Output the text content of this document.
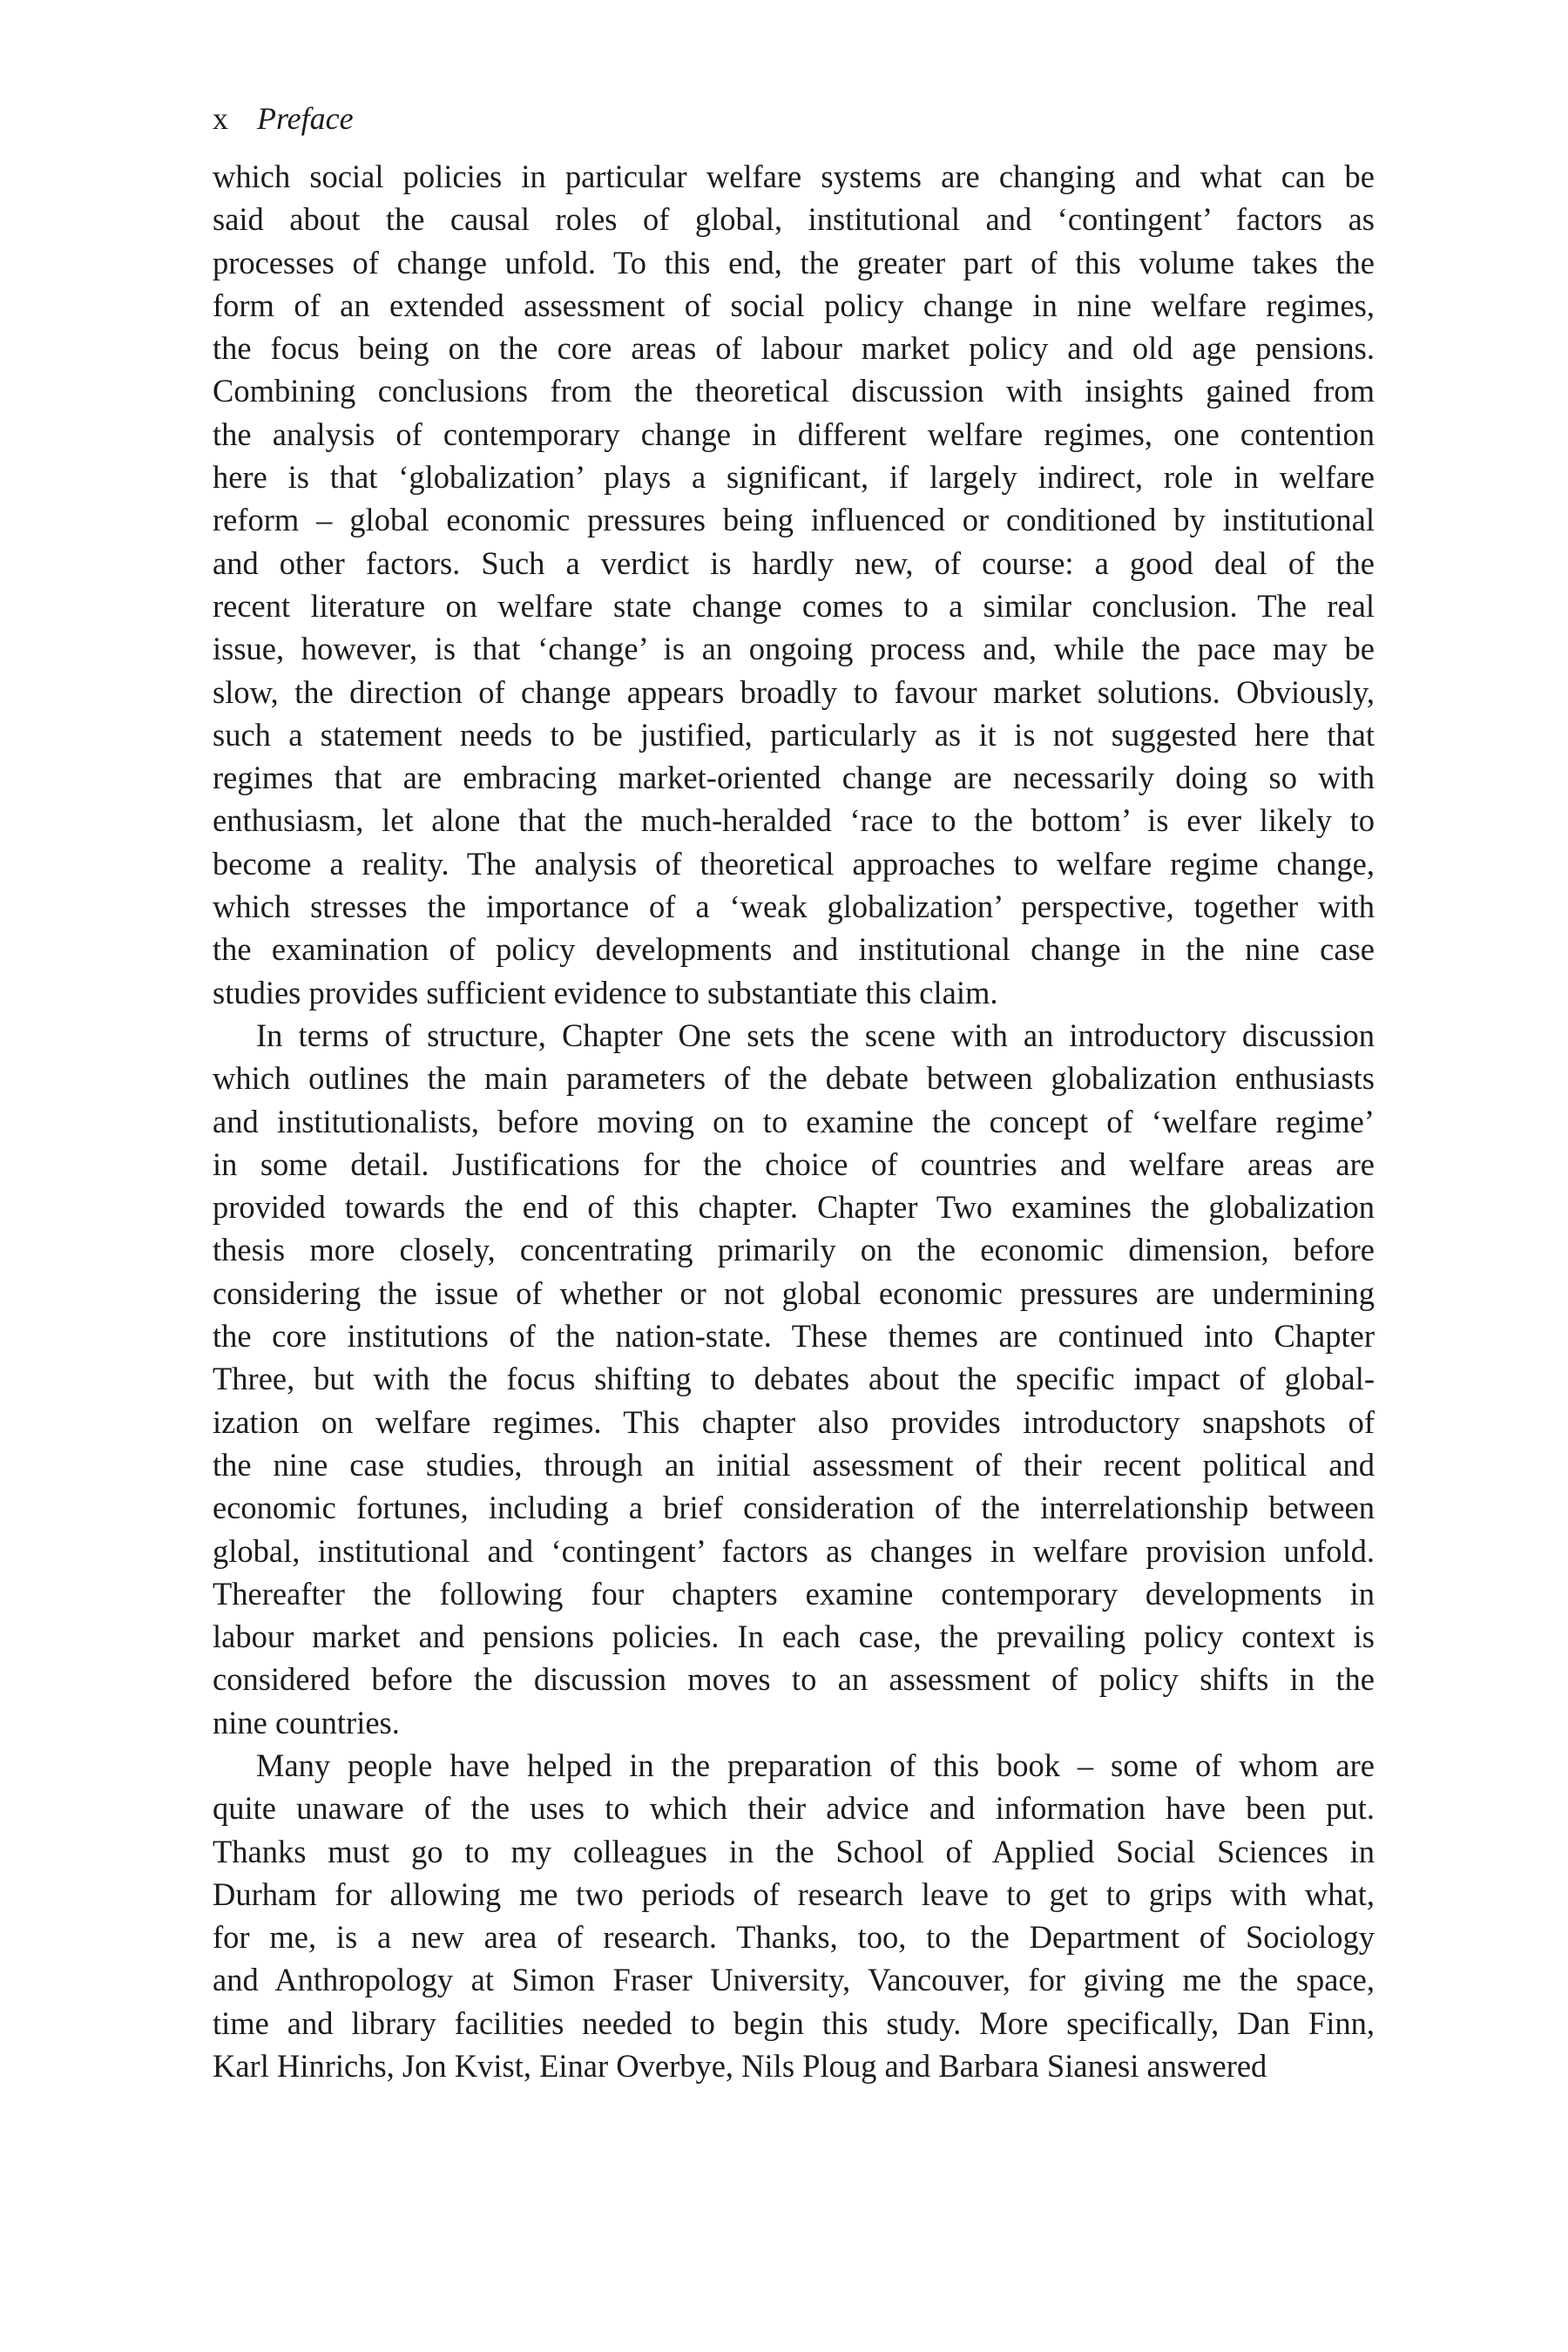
x Preface
which social policies in particular welfare systems are changing and what can be
said about the causal roles of global, institutional and ‘contingent’ factors as
processes of change unfold. To this end, the greater part of this volume takes the
form of an extended assessment of social policy change in nine welfare regimes,
the focus being on the core areas of labour market policy and old age pensions.
Combining conclusions from the theoretical discussion with insights gained from
the analysis of contemporary change in different welfare regimes, one contention
here is that ‘globalization’ plays a significant, if largely indirect, role in welfare
reform – global economic pressures being influenced or conditioned by institutional
and other factors. Such a verdict is hardly new, of course: a good deal of the
recent literature on welfare state change comes to a similar conclusion. The real
issue, however, is that ‘change’ is an ongoing process and, while the pace may be
slow, the direction of change appears broadly to favour market solutions. Obviously,
such a statement needs to be justified, particularly as it is not suggested here that
regimes that are embracing market-oriented change are necessarily doing so with
enthusiasm, let alone that the much-heralded ‘race to the bottom’ is ever likely to
become a reality. The analysis of theoretical approaches to welfare regime change,
which stresses the importance of a ‘weak globalization’ perspective, together with
the examination of policy developments and institutional change in the nine case
studies provides sufficient evidence to substantiate this claim.
In terms of structure, Chapter One sets the scene with an introductory discussion
which outlines the main parameters of the debate between globalization enthusiasts
and institutionalists, before moving on to examine the concept of ‘welfare regime’
in some detail. Justifications for the choice of countries and welfare areas are
provided towards the end of this chapter. Chapter Two examines the globalization
thesis more closely, concentrating primarily on the economic dimension, before
considering the issue of whether or not global economic pressures are undermining
the core institutions of the nation-state. These themes are continued into Chapter
Three, but with the focus shifting to debates about the specific impact of global-
ization on welfare regimes. This chapter also provides introductory snapshots of
the nine case studies, through an initial assessment of their recent political and
economic fortunes, including a brief consideration of the interrelationship between
global, institutional and ‘contingent’ factors as changes in welfare provision unfold.
Thereafter the following four chapters examine contemporary developments in
labour market and pensions policies. In each case, the prevailing policy context is
considered before the discussion moves to an assessment of policy shifts in the
nine countries.
Many people have helped in the preparation of this book – some of whom are
quite unaware of the uses to which their advice and information have been put.
Thanks must go to my colleagues in the School of Applied Social Sciences in
Durham for allowing me two periods of research leave to get to grips with what,
for me, is a new area of research. Thanks, too, to the Department of Sociology
and Anthropology at Simon Fraser University, Vancouver, for giving me the space,
time and library facilities needed to begin this study. More specifically, Dan Finn,
Karl Hinrichs, Jon Kvist, Einar Overbye, Nils Ploug and Barbara Sianesi answered
